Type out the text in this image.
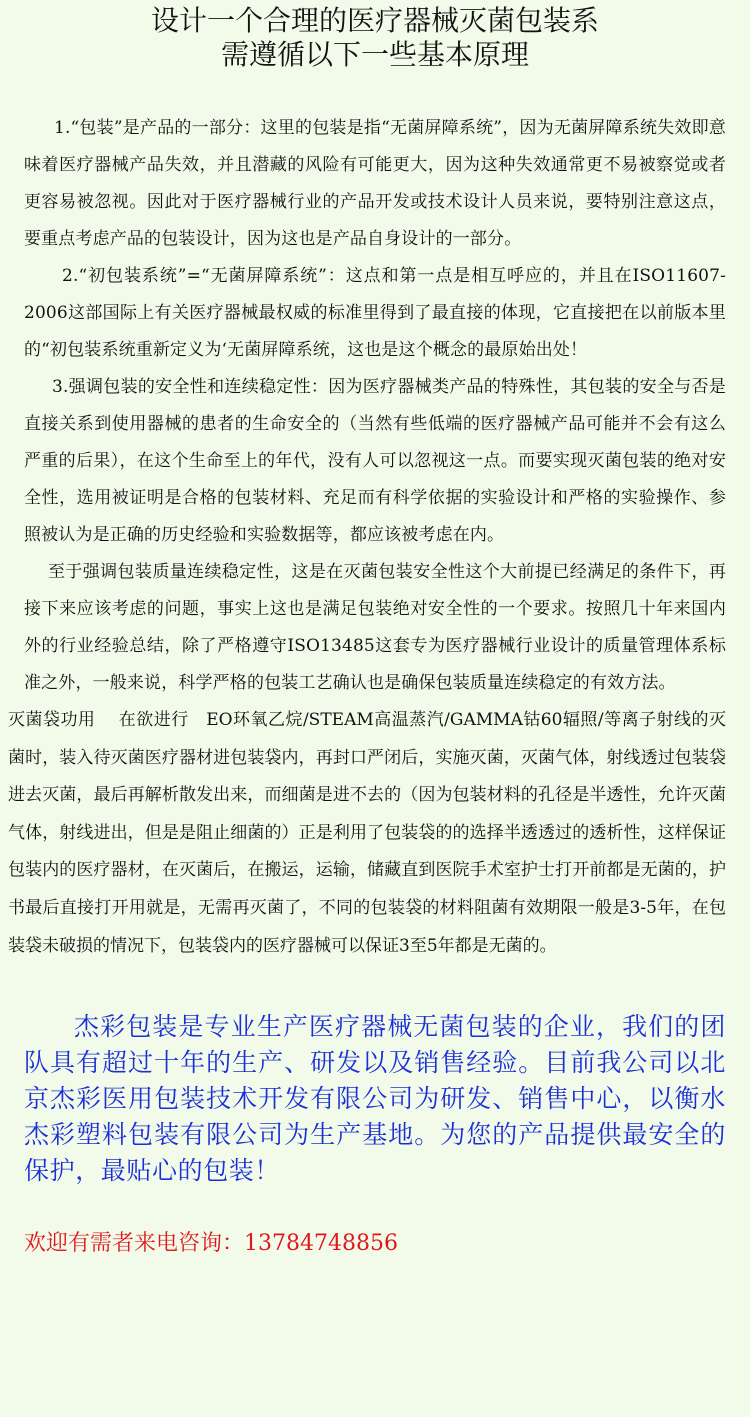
设计一个合理的医疗器械灭菌包装系
需遵循以下一些基本原理

1.“包装”是产品的一部分：这里的包装是指“无菌屏障系统”，因为无菌屏障系统失效即意味着医疗器械产品失效，并且潜藏的风险有可能更大，因为这种失效通常更不易被察觉或者更容易被忽视。因此对于医疗器械行业的产品开发或技术设计人员来说，要特别注意这点，要重点考虑产品的包装设计，因为这也是产品自身设计的一部分。

2.“初包装系统”=“无菌屏障系统”：这点和第一点是相互呼应的，并且在ISO11607-2006这部国际上有关医疗器械最权威的标准里得到了最直接的体现，它直接把在以前版本里的“初包装系统重新定义为‘无菌屏障系统，这也是这个概念的最原始出处！

3.强调包装的安全性和连续稳定性：因为医疗器械类产品的特殊性，其包装的安全与否是直接关系到使用器械的患者的生命安全的（当然有些低端的医疗器械产品可能并不会有这么严重的后果），在这个生命至上的年代，没有人可以忽视这一点。而要实现灭菌包装的绝对安全性，选用被证明是合格的包装材料、充足而有科学依据的实验设计和严格的实验操作、参照被认为是正确的历史经验和实验数据等，都应该被考虑在内。

至于强调包装质量连续稳定性，这是在灭菌包装安全性这个大前提已经满足的条件下，再接下来应该考虑的问题，事实上这也是满足包装绝对安全性的一个要求。按照几十年来国内外的行业经验总结，除了严格遵守ISO13485这套专为医疗器械行业设计的质量管理体系标准之外，一般来说，科学严格的包装工艺确认也是确保包装质量连续稳定的有效方法。

灭菌袋功用　 在欲进行　EO环氧乙烷/STEAM高温蒸汽/GAMMA钴60辐照/等离子射线的灭菌时，装入待灭菌医疗器材进包装袋内，再封口严闭后，实施灭菌，灭菌气体，射线透过包装袋进去灭菌，最后再解析散发出来，而细菌是进不去的（因为包装材料的孔径是半透性，允许灭菌气体，射线进出，但是是阻止细菌的）正是利用了包装袋的的选择半透透过的透析性，这样保证包装内的医疗器材，在灭菌后，在搬运，运输，储藏直到医院手术室护士打开前都是无菌的，护书最后直接打开用就是，无需再灭菌了，不同的包装袋的材料阻菌有效期限一般是3-5年，在包装袋未破损的情况下，包装袋内的医疗器械可以保证3至5年都是无菌的。

杰彩包装是专业生产医疗器械无菌包装的企业，我们的团队具有超过十年的生产、研发以及销售经验。目前我公司以北京杰彩医用包装技术开发有限公司为研发、销售中心，以衡水杰彩塑料包装有限公司为生产基地。为您的产品提供最安全的保护，最贴心的包装！

欢迎有需者来电咨询：13784748856
